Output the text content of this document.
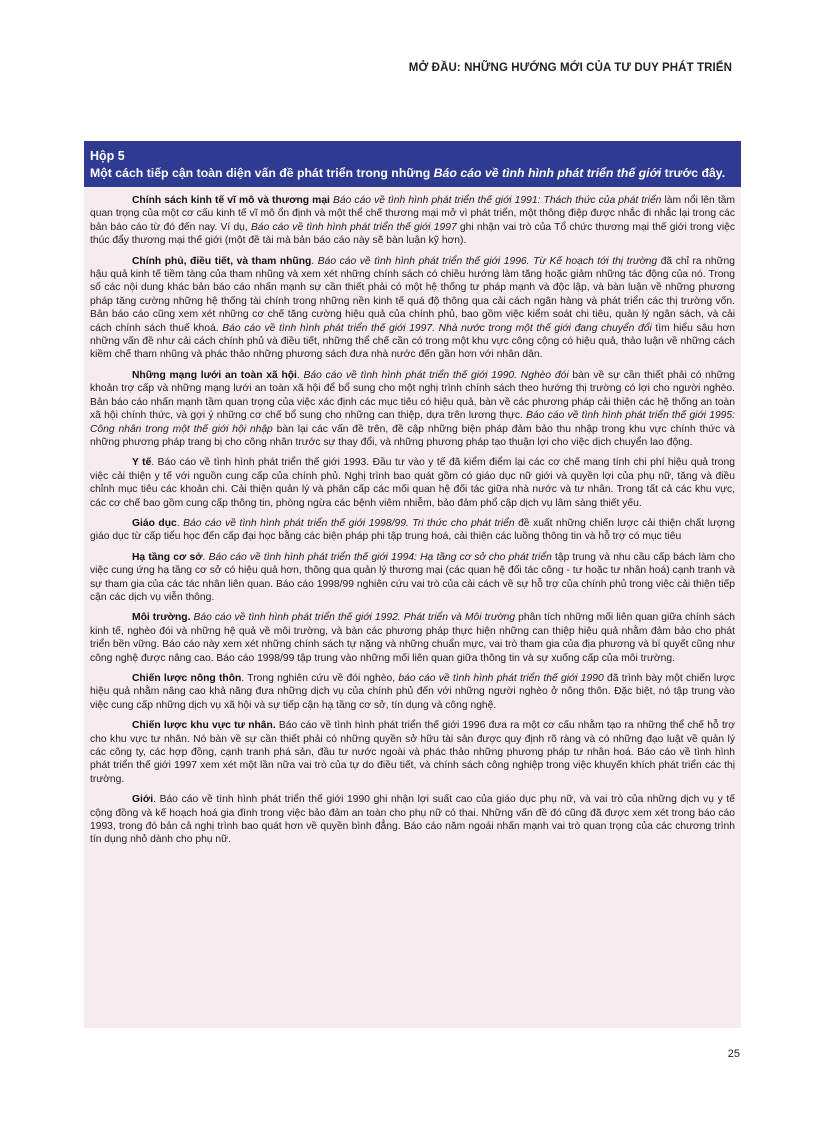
MỞ ĐẦU: NHỮNG HƯỚNG MỚI CỦA TƯ DUY PHÁT TRIỂN
Hộp 5
Một cách tiếp cận toàn diện vấn đề phát triển trong những Báo cáo về tình hình phát triển thế giới trước đây.

Chính sách kinh tế vĩ mô và thương mại Báo cáo về tình hình phát triển thế giới 1991: Thách thức của phát triển làm nổi lên tầm quan trọng của một cơ cấu kinh tế vĩ mô ổn định và một thể chế thương mại mở vì phát triển, một thông điệp được nhắc đi nhắc lại trong các bản báo cáo từ đó đến nay. Ví dụ, Báo cáo về tình hình phát triển thế giới 1997 ghi nhận vai trò của Tổ chức thương mại thế giới trong việc thúc đẩy thương mại thế giới (một đề tài mà bản báo cáo này sẽ bàn luận kỹ hơn).

Chính phủ, điều tiết, và tham nhũng. Báo cáo về tình hình phát triển thế giới 1996. Từ Kế hoạch tới thị trường đã chỉ ra những hậu quả kinh tế tiềm tàng của tham nhũng và xem xét những chính sách có chiều hướng làm tăng hoặc giảm những tác động của nó. Trong số các nội dung khác bản báo cáo nhấn mạnh sự cần thiết phải có một hệ thống tư pháp mạnh và độc lập, và bàn luận về những phương pháp tăng cường những hệ thống tài chính trong những nền kinh tế quá độ thông qua cải cách ngân hàng và phát triển các thị trường vốn. Bản báo cáo cũng xem xét những cơ chế tăng cường hiệu quả của chính phủ, bao gồm việc kiểm soát chi tiêu, quản lý ngân sách, và cải cách chính sách thuế khoá. Báo cáo về tình hình phát triển thế giới 1997. Nhà nước trong một thế giới đang chuyển đổi tìm hiểu sâu hơn những vấn đề như cải cách chính phủ và điều tiết, những thể chế cần có trong một khu vực công cộng có hiệu quả, thảo luận về những cách kiềm chế tham nhũng và phác thảo những phương sách đưa nhà nước đến gần hơn với nhân dân.

Những mạng lưới an toàn xã hội. Báo cáo về tình hình phát triển thế giới 1990. Nghèo đói bàn về sự cần thiết phải có những khoản trợ cấp và những mạng lưới an toàn xã hội để bổ sung cho một nghị trình chính sách theo hướng thị trường có lợi cho người nghèo. Bản báo cáo nhấn mạnh tầm quan trọng của việc xác định các mục tiêu có hiệu quả, bàn về các phương pháp cải thiện các hệ thống an toàn xã hội chính thức, và gợi ý những cơ chế bổ sung cho những can thiệp, dựa trên lương thực. Báo cáo về tình hình phát triển thế giới 1995: Công nhân trong một thế giới hội nhập bàn lại các vấn đề trên, đề cập những biện pháp đảm bảo thu nhập trong khu vực chính thức và những phương pháp trang bị cho công nhân trước sự thay đổi, và những phương pháp tạo thuận lợi cho việc dịch chuyển lao động.

Y tế. Báo cáo về tình hình phát triển thế giới 1993. Đầu tư vào y tế đã kiểm điểm lại các cơ chế mang tính chi phí hiệu quả trong việc cải thiện y tế với nguồn cung cấp của chính phủ. Nghị trình bao quát gồm có giáo dục nữ giới và quyền lợi của phụ nữ, tăng và điều chỉnh mục tiêu các khoản chi. Cải thiện quản lý và phân cấp các mối quan hệ đối tác giữa nhà nước và tư nhân. Trong tất cả các khu vực, các cơ chế bao gồm cung cấp thông tin, phòng ngừa các bệnh viêm nhiễm, bảo đảm phổ cập dịch vụ lâm sàng thiết yếu.

Giáo dục. Báo cáo về tình hình phát triển thế giới 1998/99. Tri thức cho phát triển đề xuất những chiến lược cải thiện chất lượng giáo dục từ cấp tiểu học đến cấp đại học bằng các biện pháp phi tập trung hoá, cải thiện các luồng thông tin và hỗ trợ có mục tiêu

Hạ tầng cơ sở. Báo cáo về tình hình phát triển thế giới 1994: Hạ tầng cơ sở cho phát triển tập trung và nhu cầu cấp bách làm cho việc cung ứng hạ tầng cơ sở có hiệu quả hơn, thông qua quản lý thương mại (các quan hệ đối tác công - tư hoặc tư nhân hoá) cạnh tranh và sự tham gia của các tác nhân liên quan. Báo cáo 1998/99 nghiên cứu vai trò của cải cách về sự hỗ trợ của chính phủ trong việc cải thiện tiếp cận các dịch vụ viễn thông.

Môi trường. Báo cáo về tình hình phát triển thế giới 1992. Phát triển và Môi trường phân tích những mối liên quan giữa chính sách kinh tế, nghèo đói và những hệ quả về môi trường, và bàn các phương pháp thực hiện những can thiệp hiệu quả nhằm đảm bảo cho phát triển bền vững. Báo cáo này xem xét những chính sách tự nặng và những chuẩn mực, vai trò tham gia của địa phương và bí quyết cũng như công nghệ được nâng cao. Báo cáo 1998/99 tập trung vào những mối liên quan giữa thông tin và sự xuống cấp của môi trường.

Chiến lược nông thôn. Trong nghiên cứu về đói nghèo, báo cáo về tình hình phát triển thế giới 1990 đã trình bày một chiến lược hiệu quả nhằm nâng cao khả năng đưa những dịch vụ của chính phủ đến với những người nghèo ở nông thôn. Đặc biệt, nó tập trung vào việc cung cấp những dịch vụ xã hội và sự tiếp cận hạ tầng cơ sở, tín dụng và công nghệ.

Chiến lược khu vực tư nhân. Báo cáo về tình hình phát triển thế giới 1996 đưa ra một cơ cấu nhằm tạo ra những thể chế hỗ trợ cho khu vực tư nhân. Nó bàn về sự cần thiết phải có những quyền sở hữu tài sản được quy định rõ ràng và có những đạo luật về quản lý các công ty, các hợp đồng, cạnh tranh phá sản, đầu tư nước ngoài và phác thảo những phương pháp tư nhân hoá. Báo cáo về tình hình phát triển thế giới 1997 xem xét một lần nữa vai trò của tự do điều tiết, và chính sách công nghiệp trong việc khuyến khích phát triển các thị trường.

Giới. Báo cáo về tình hình phát triển thế giới 1990 ghi nhận lợi suất cao của giáo dục phụ nữ, và vai trò của những dịch vụ y tế cộng đồng và kế hoạch hoá gia đình trong việc bảo đảm an toàn cho phụ nữ có thai. Những vấn đề đó cũng đã được xem xét trong báo cáo 1993, trong đó bản cả nghị trình bao quát hơn về quyền bình đẳng. Báo cáo năm ngoái nhấn mạnh vai trò quan trọng của các chương trình tín dụng nhỏ dành cho phụ nữ.

25
